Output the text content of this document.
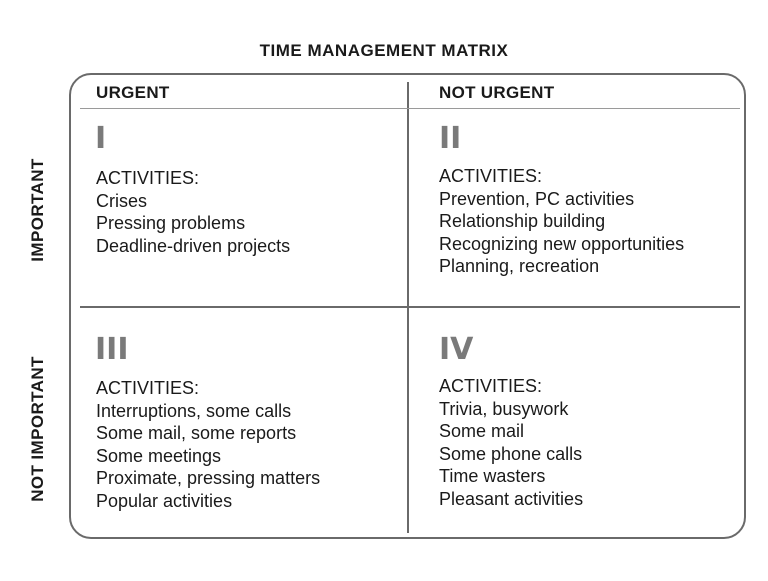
TIME MANAGEMENT MATRIX
URGENT	NOT URGENT
IMPORTANT
NOT IMPORTANT
I
ACTIVITIES:
Crises
Pressing problems
Deadline-driven projects
II
ACTIVITIES:
Prevention, PC activities
Relationship building
Recognizing new opportunities
Planning, recreation
III
ACTIVITIES:
Interruptions, some calls
Some mail, some reports
Some meetings
Proximate, pressing matters
Popular activities
IV
ACTIVITIES:
Trivia, busywork
Some mail
Some phone calls
Time wasters
Pleasant activities
